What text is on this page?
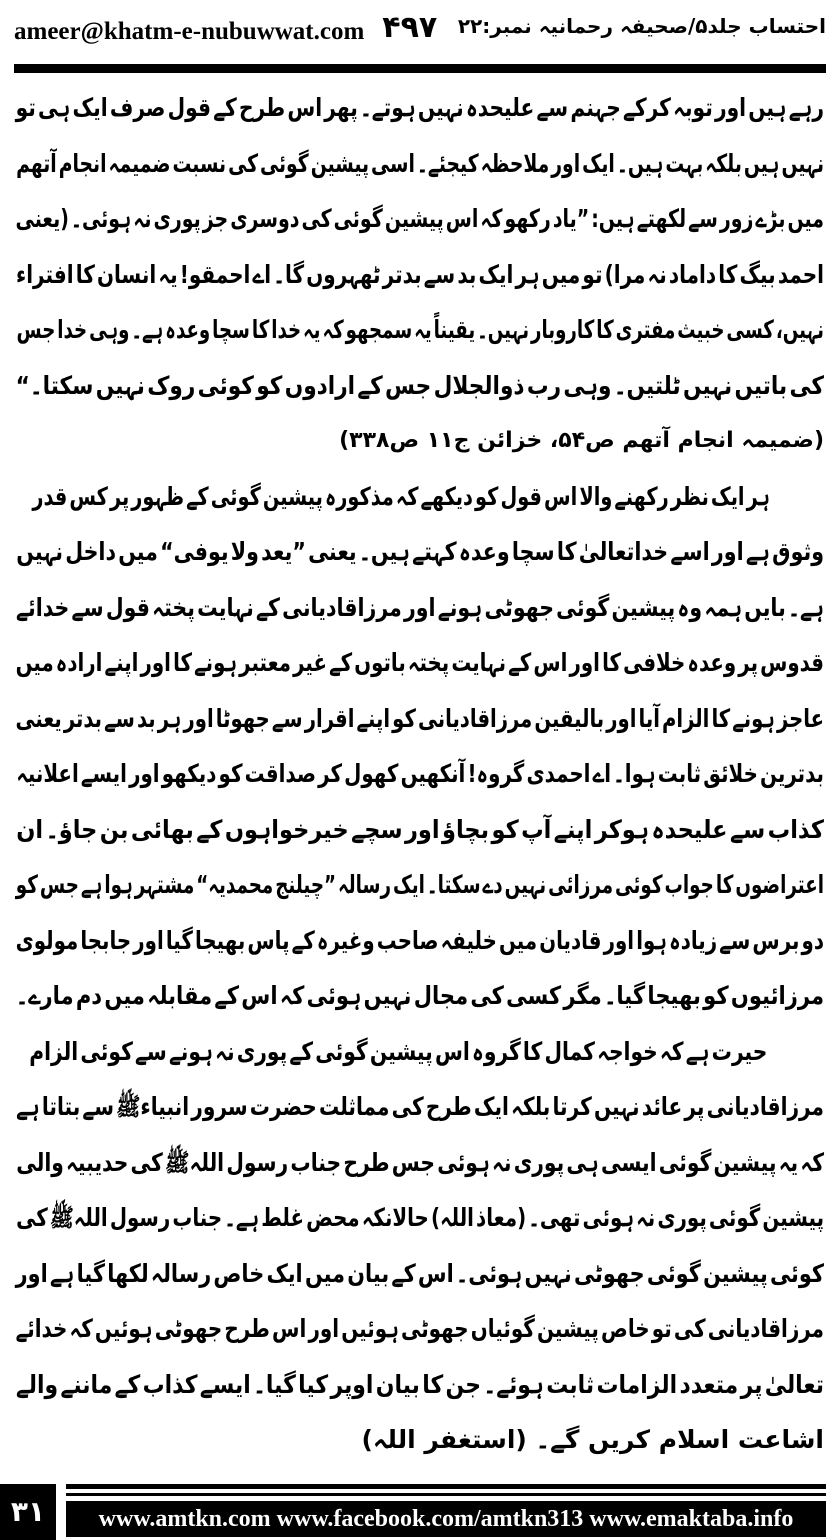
ameer@khatm-e-nubuwwat.com ۴۹۷ احتساب جلد۵/صحیفہ رحمانیہ نمبر:۲۲
رہے ہیں اور توبہ کرکے جہنم سے علیحدہ نہیں ہوتے۔ پھر اس طرح کے قول صرف ایک ہی تو
نہیں ہیں بلکہ بہت ہیں۔ ایک اور ملاحظہ کیجئے۔ اسی پیشین گوئی کی نسبت ضمیمہ انجام آتھم
میں بڑے زور سے لکھتے ہیں: ”یاد رکھو کہ اس پیشین گوئی کی دوسری جز پوری نہ ہوئی۔ (یعنی
احمد بیگ کا داماد نہ مرا) تو میں ہر ایک بد سے بدتر ٹھہروں گا۔ اے احمقو! یہ انسان کا افتراء
نہیں، کسی خبیث مفتری کا کاروبار نہیں۔ یقیناً یہ سمجھو کہ یہ خدا کا سچا وعدہ ہے۔ وہی خدا جس
کی باتیں نہیں ٹلتیں۔ وہی رب ذوالجلال جس کے ارادوں کو کوئی روک نہیں سکتا۔“
(ضمیمہ انجام آتھم ص۵۴، خزائن ج۱۱ ص۳۳۸)
ہر ایک نظر رکھنے والا اس قول کو دیکھے کہ مذکورہ پیشین گوئی کے ظہور پر کس قدر
وثوق ہے اور اسے خداتعالیٰ کا سچا وعدہ کہتے ہیں۔ یعنی ”یعد ولا یوفی“ میں داخل نہیں
ہے۔ بایں ہمہ وہ پیشین گوئی جھوٹی ہونے اور مرزاقادیانی کے نہایت پختہ قول سے خدائے
قدوس پر وعدہ خلافی کا اور اس کے نہایت پختہ باتوں کے غیر معتبر ہونے کا اور اپنے ارادہ میں
عاجز ہونے کا الزام آیا اور بالیقین مرزاقادیانی کو اپنے اقرار سے جھوٹا اور ہر بد سے بدتر یعنی
بدترین خلائق ثابت ہوا۔ اے احمدی گروہ! آنکھیں کھول کر صداقت کو دیکھو اور ایسے اعلانیہ
کذاب سے علیحدہ ہوکر اپنے آپ کو بچاؤ اور سچے خیرخواہوں کے بھائی بن جاؤ۔ ان
اعتراضوں کا جواب کوئی مرزائی نہیں دے سکتا۔ ایک رسالہ ”چیلنج محمدیہ“ مشتہر ہوا ہے جس کو
دو برس سے زیادہ ہوا اور قادیان میں خلیفہ صاحب وغیرہ کے پاس بھیجا گیا اور جابجا مولوی
مرزائیوں کو بھیجا گیا۔ مگر کسی کی مجال نہیں ہوئی کہ اس کے مقابلہ میں دم مارے۔
حیرت ہے کہ خواجہ کمال کا گروہ اس پیشین گوئی کے پوری نہ ہونے سے کوئی الزام
مرزاقادیانی پر عائد نہیں کرتا بلکہ ایک طرح کی مماثلت حضرت سرور انبیاءﷺ سے بتاتا ہے
کہ یہ پیشین گوئی ایسی ہی پوری نہ ہوئی جس طرح جناب رسول اللہﷺ کی حدیبیہ والی
پیشین گوئی پوری نہ ہوئی تھی۔ (معاذ اللہ) حالانکہ محض غلط ہے۔ جناب رسول اللہﷺ کی
کوئی پیشین گوئی جھوٹی نہیں ہوئی۔ اس کے بیان میں ایک خاص رسالہ لکھا گیا ہے اور
مرزاقادیانی کی تو خاص پیشین گوئیاں جھوٹی ہوئیں اور اس طرح جھوٹی ہوئیں کہ خدائے
تعالیٰ پر متعدد الزامات ثابت ہوئے۔ جن کا بیان اوپر کیا گیا۔ ایسے کذاب کے ماننے والے
اشاعت اسلام کریں گے۔ (استغفر اللہ)
۳۱	www.amtkn.com www.facebook.com/amtkn313 www.emaktaba.info
